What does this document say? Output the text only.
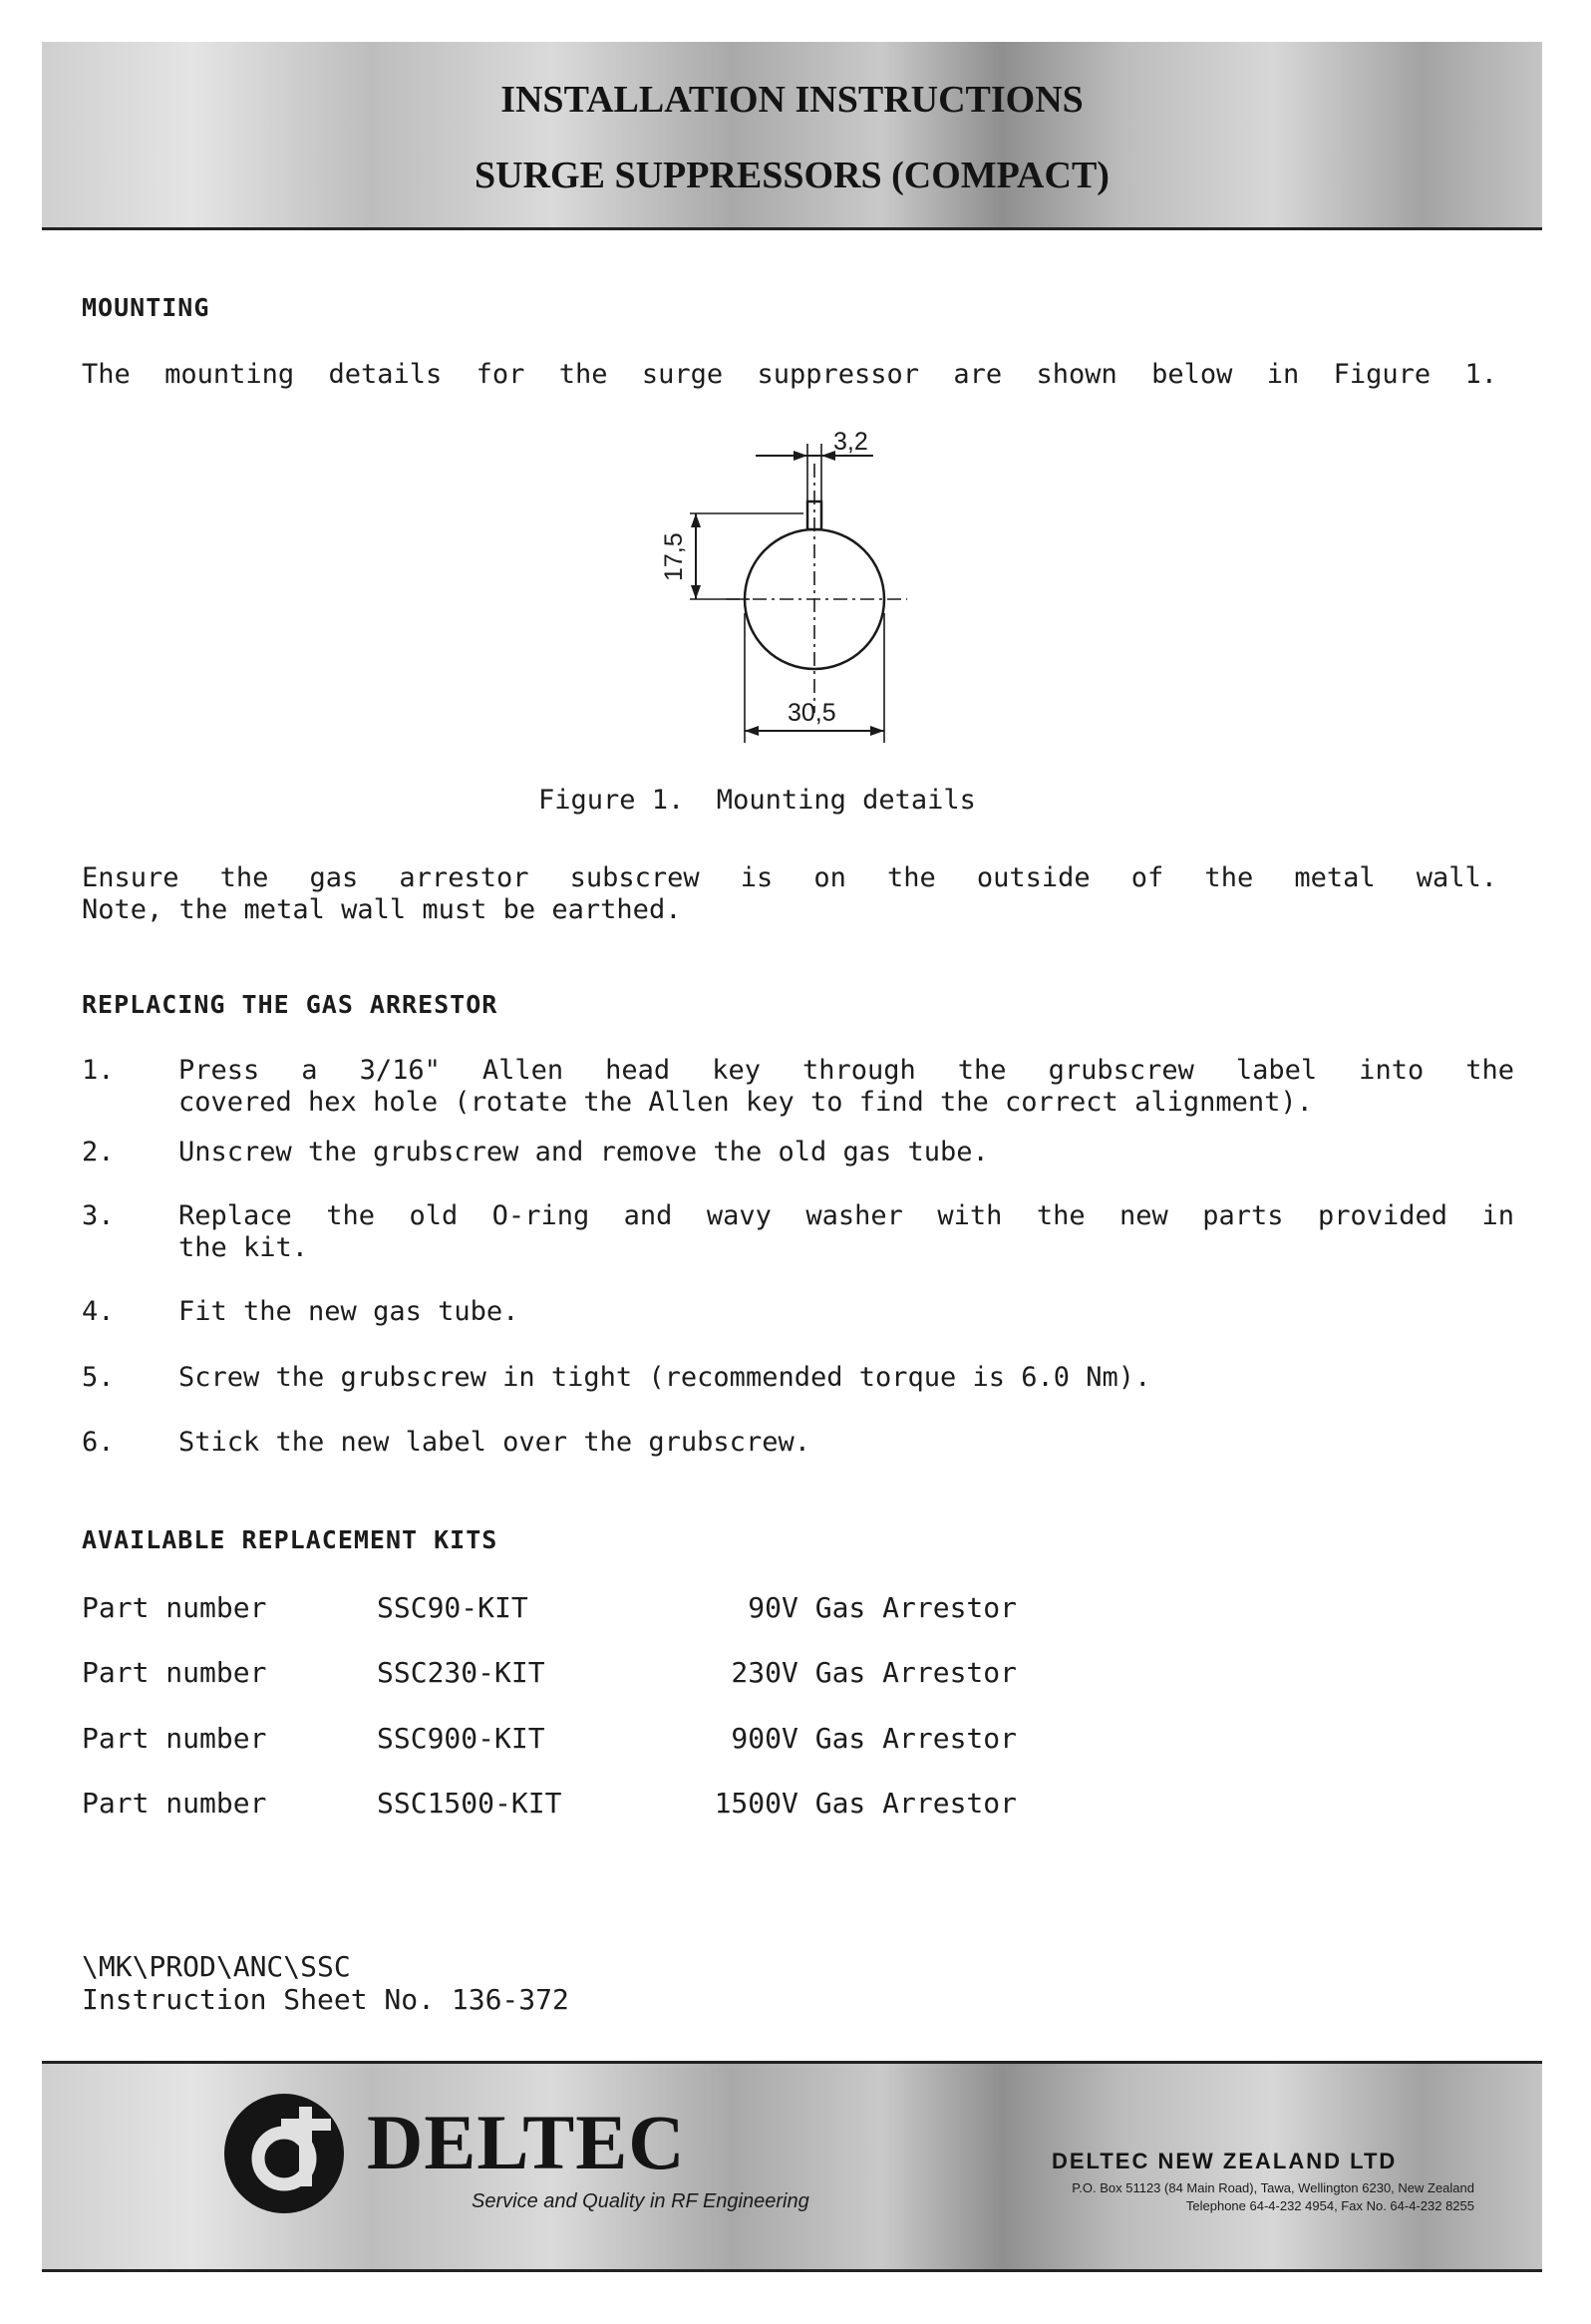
INSTALLATION INSTRUCTIONS
SURGE SUPPRESSORS (COMPACT)
MOUNTING
The mounting details for the surge suppressor are shown below in Figure 1.
3,2
17,5
30,5
Figure 1.  Mounting details
Ensure the gas arrestor subscrew is on the outside of the metal wall.
Note, the metal wall must be earthed.
REPLACING THE GAS ARRESTOR
1. Press a 3/16" Allen head key through the grubscrew label into the
covered hex hole (rotate the Allen key to find the correct alignment).
2. Unscrew the grubscrew and remove the old gas tube.
3. Replace the old O-ring and wavy washer with the new parts provided in
the kit.
4. Fit the new gas tube.
5. Screw the grubscrew in tight (recommended torque is 6.0 Nm).
6. Stick the new label over the grubscrew.
AVAILABLE REPLACEMENT KITS
Part number	SSC90-KIT	90V Gas Arrestor
Part number	SSC230-KIT	230V Gas Arrestor
Part number	SSC900-KIT	900V Gas Arrestor
Part number	SSC1500-KIT	1500V Gas Arrestor
\MK\PROD\ANC\SSC
Instruction Sheet No. 136-372
DELTEC
Service and Quality in RF Engineering
DELTEC NEW ZEALAND LTD
P.O. Box 51123 (84 Main Road), Tawa, Wellington 6230, New Zealand
Telephone 64-4-232 4954, Fax No. 64-4-232 8255
